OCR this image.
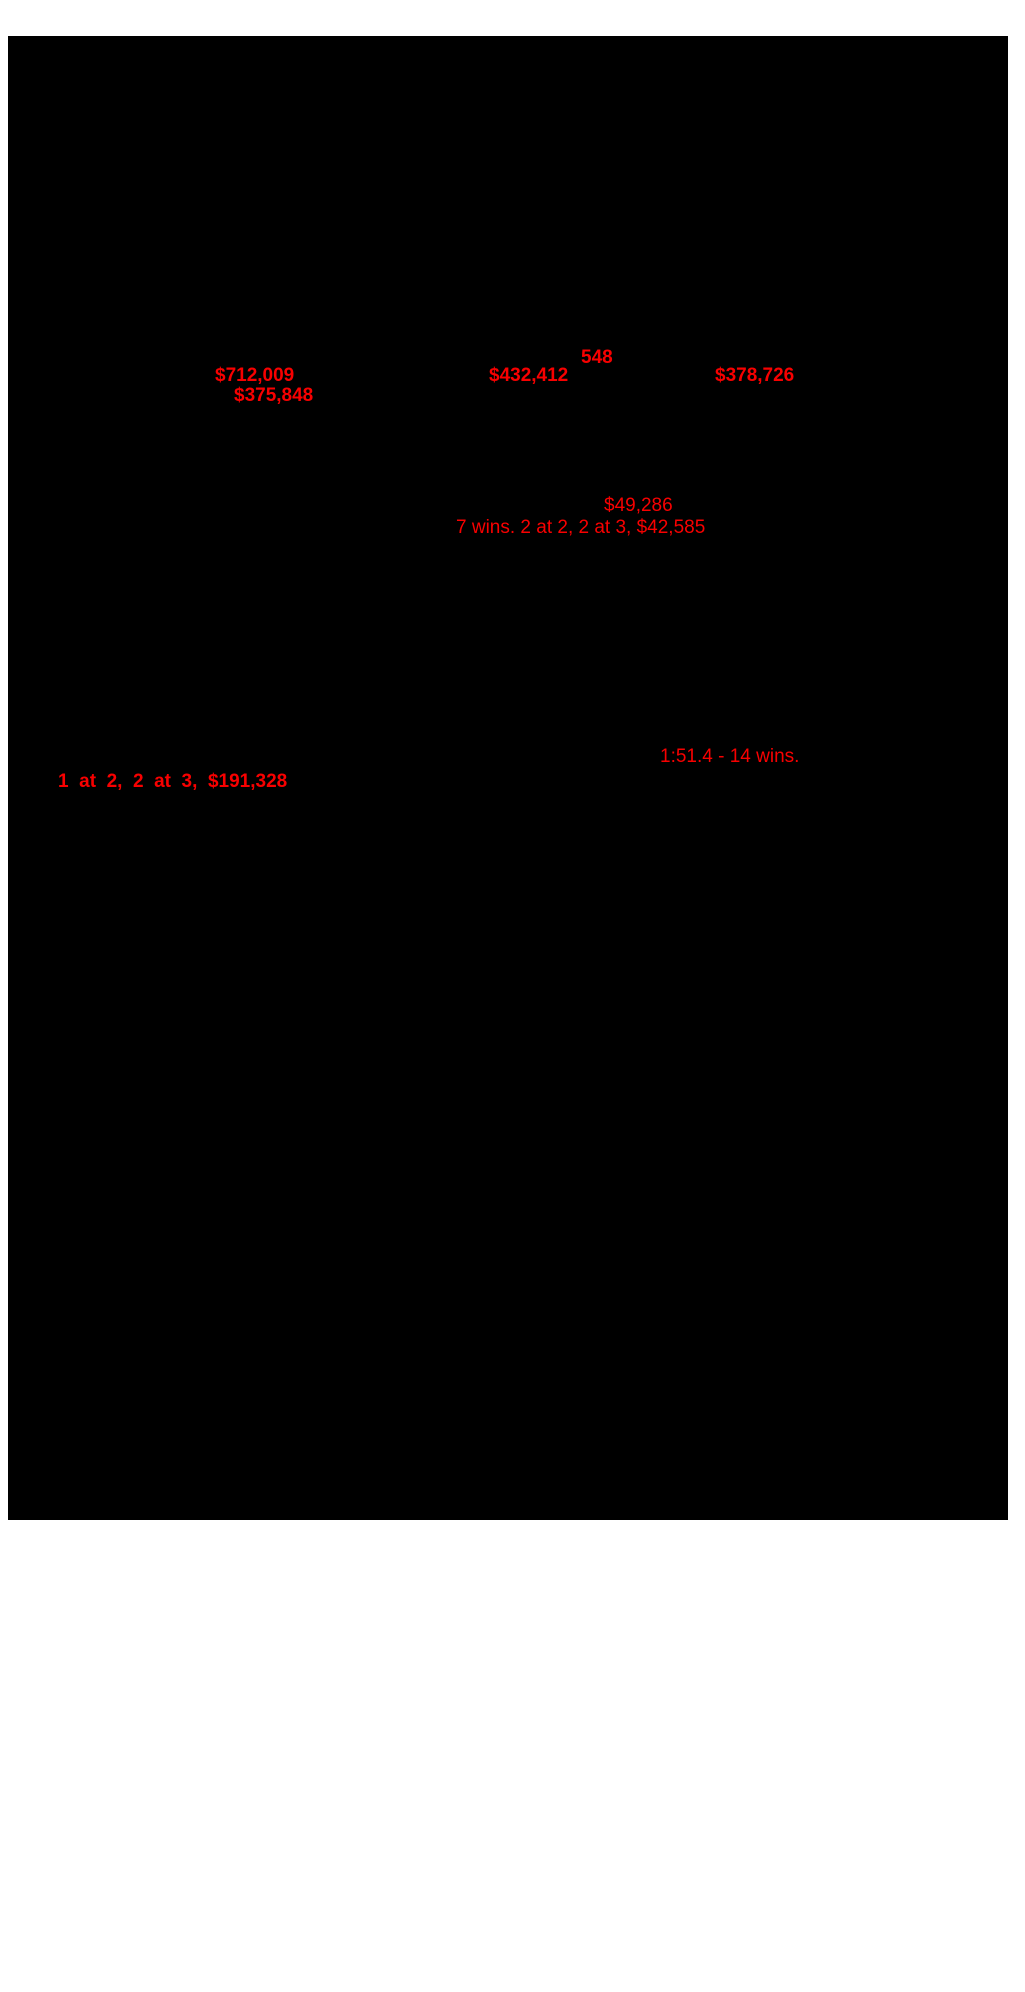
$712,009
548
$432,412	$378,726
$375,848
$49,286
7 wins. 2 at 2, 2 at 3, $42,585
1:51.4 - 14 wins.
1  at  2,  2  at  3,  $191,328
